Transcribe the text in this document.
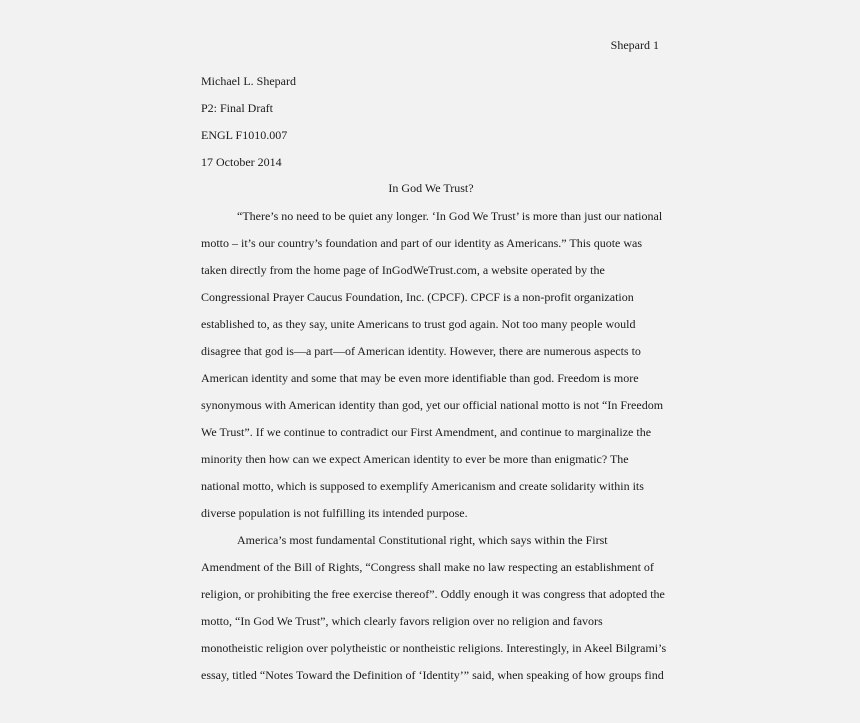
Shepard 1
Michael L. Shepard
P2: Final Draft
ENGL F1010.007
17 October 2014
In God We Trust?
“There’s no need to be quiet any longer. ‘In God We Trust’ is more than just our national
motto – it’s our country’s foundation and part of our identity as Americans.” This quote was
taken directly from the home page of InGodWeTrust.com, a website operated by the
Congressional Prayer Caucus Foundation, Inc. (CPCF). CPCF is a non-profit organization
established to, as they say, unite Americans to trust god again. Not too many people would
disagree that god is—a part—of American identity. However, there are numerous aspects to
American identity and some that may be even more identifiable than god. Freedom is more
synonymous with American identity than god, yet our official national motto is not “In Freedom
We Trust”. If we continue to contradict our First Amendment, and continue to marginalize the
minority then how can we expect American identity to ever be more than enigmatic? The
national motto, which is supposed to exemplify Americanism and create solidarity within its
diverse population is not fulfilling its intended purpose.
America’s most fundamental Constitutional right, which says within the First
Amendment of the Bill of Rights, “Congress shall make no law respecting an establishment of
religion, or prohibiting the free exercise thereof”. Oddly enough it was congress that adopted the
motto, “In God We Trust”, which clearly favors religion over no religion and favors
monotheistic religion over polytheistic or nontheistic religions. Interestingly, in Akeel Bilgrami’s
essay, titled “Notes Toward the Definition of ‘Identity’” said, when speaking of how groups find
